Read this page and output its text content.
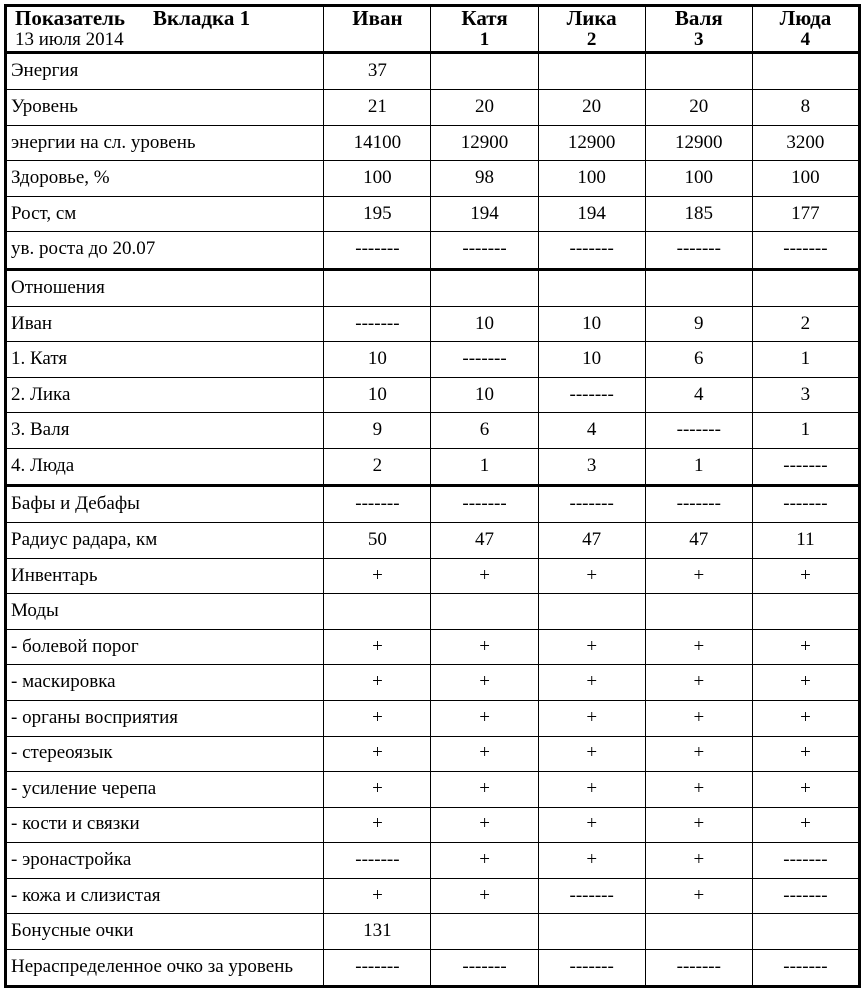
Показатель Вкладка 1	Иван	Катя	Лика	Валя	Люда
13 июля 2014		1	2	3	4
Энергия	37				
Уровень	21	20	20	20	8
энергии на сл. уровень	14100	12900	12900	12900	3200
Здоровье, %	100	98	100	100	100
Рост, см	195	194	194	185	177
ув. роста до 20.07	-------	-------	-------	-------	-------
Отношения					
Иван	-------	10	10	9	2
1. Катя	10	-------	10	6	1
2. Лика	10	10	-------	4	3
3. Валя	9	6	4	-------	1
4. Люда	2	1	3	1	-------
Бафы и Дебафы	-------	-------	-------	-------	-------
Радиус радара, км	50	47	47	47	11
Инвентарь	+	+	+	+	+
Моды					
- болевой порог	+	+	+	+	+
- маскировка	+	+	+	+	+
- органы восприятия	+	+	+	+	+
- стереоязык	+	+	+	+	+
- усиление черепа	+	+	+	+	+
- кости и связки	+	+	+	+	+
- эронастройка	-------	+	+	+	-------
- кожа и слизистая	+	+	-------	+	-------
Бонусные очки	131				
Нераспределенное очко за уровень	-------	-------	-------	-------	-------
